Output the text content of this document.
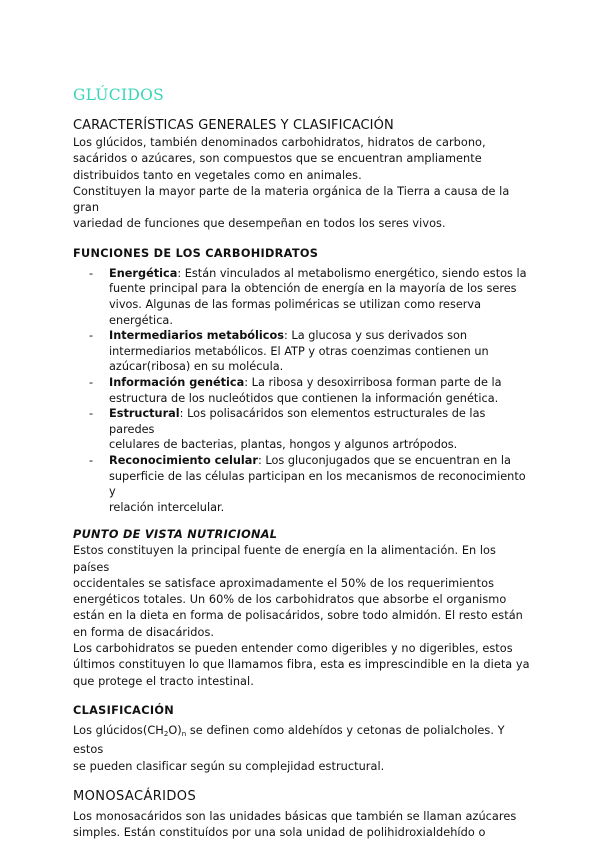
GLÚCIDOS
CARACTERÍSTICAS GENERALES Y CLASIFICACIÓN

Los glúcidos, también denominados carbohidratos, hidratos de carbono,
sacáridos o azúcares, son compuestos que se encuentran ampliamente
distribuidos tanto en vegetales como en animales.
Constituyen la mayor parte de la materia orgánica de la Tierra a causa de la gran
variedad de funciones que desempeñan en todos los seres vivos.

FUNCIONES DE LOS CARBOHIDRATOS
- Energética: Están vinculados al metabolismo energético, siendo estos la
fuente principal para la obtención de energía en la mayoría de los seres
vivos. Algunas de las formas poliméricas se utilizan como reserva
energética.
- Intermediarios metabólicos: La glucosa y sus derivados son
intermediarios metabólicos. El ATP y otras coenzimas contienen un
azúcar(ribosa) en su molécula.
- Información genética: La ribosa y desoxirribosa forman parte de la
estructura de los nucleótidos que contienen la información genética.
- Estructural: Los polisacáridos son elementos estructurales de las paredes
celulares de bacterias, plantas, hongos y algunos artrópodos.
- Reconocimiento celular: Los gluconjugados que se encuentran en la
superficie de las células participan en los mecanismos de reconocimiento y
relación intercelular.
PUNTO DE VISTA NUTRICIONAL

Estos constituyen la principal fuente de energía en la alimentación. En los países
occidentales se satisface aproximadamente el 50% de los requerimientos
energéticos totales. Un 60% de los carbohidratos que absorbe el organismo
están en la dieta en forma de polisacáridos, sobre todo almidón. El resto están
en forma de disacáridos.
Los carbohidratos se pueden entender como digeribles y no digeribles, estos
últimos constituyen lo que llamamos fibra, esta es imprescindible en la dieta ya
que protege el tracto intestinal.

CLASIFICACIÓN

Los $glúcidos(CH_2O)_n$ se definen como aldehídos y cetonas de polialcholes. Y estos
se pueden clasificar según su complejidad estructural.

MONOSACÁRIDOS

Los monosacáridos son las unidades básicas que también se llaman azúcares
simples. Están constituídos por una sola unidad de polihidroxialdehído o
